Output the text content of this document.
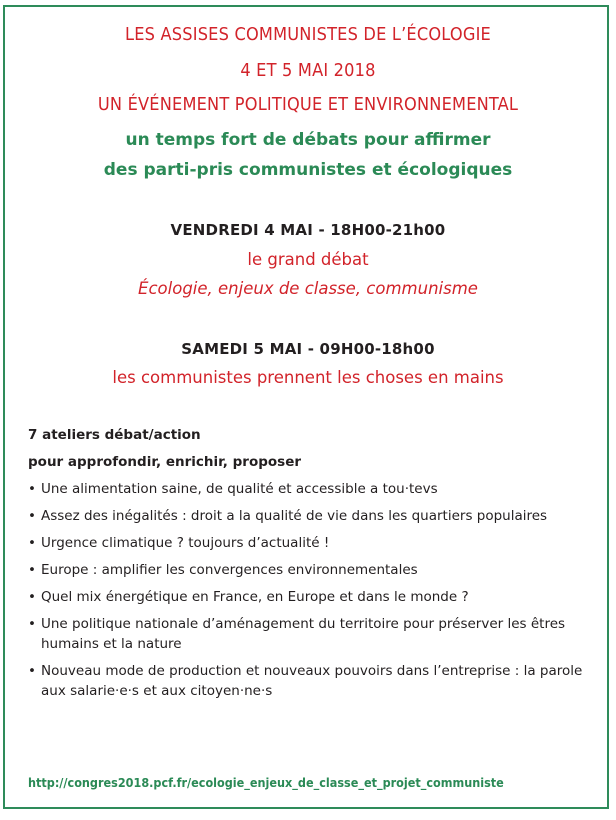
LES ASSISES COMMUNISTES DE L’ÉCOLOGIE
4 ET 5 MAI 2018
UN ÉVÉNEMENT POLITIQUE ET ENVIRONNEMENTAL
un temps fort de débats pour affirmer
des parti-pris communistes et écologiques
VENDREDI 4 MAI - 18H00-21h00
le grand débat
Écologie, enjeux de classe, communisme
SAMEDI 5 MAI - 09H00-18h00
les communistes prennent les choses en mains
7 ateliers débat/action
pour approfondir, enrichir, proposer
• Une alimentation saine, de qualité et accessible a tou·tevs
• Assez des inégalités : droit a la qualité de vie dans les quartiers populaires
• Urgence climatique ? toujours d’actualité !
• Europe : amplifier les convergences environnementales
• Quel mix énergétique en France, en Europe et dans le monde ?
• Une politique nationale d’aménagement du territoire pour préserver les êtres humains et la nature
• Nouveau mode de production et nouveaux pouvoirs dans l’entreprise : la parole aux salarie·e·s et aux citoyen·ne·s
http://congres2018.pcf.fr/ecologie_enjeux_de_classe_et_projet_communiste
